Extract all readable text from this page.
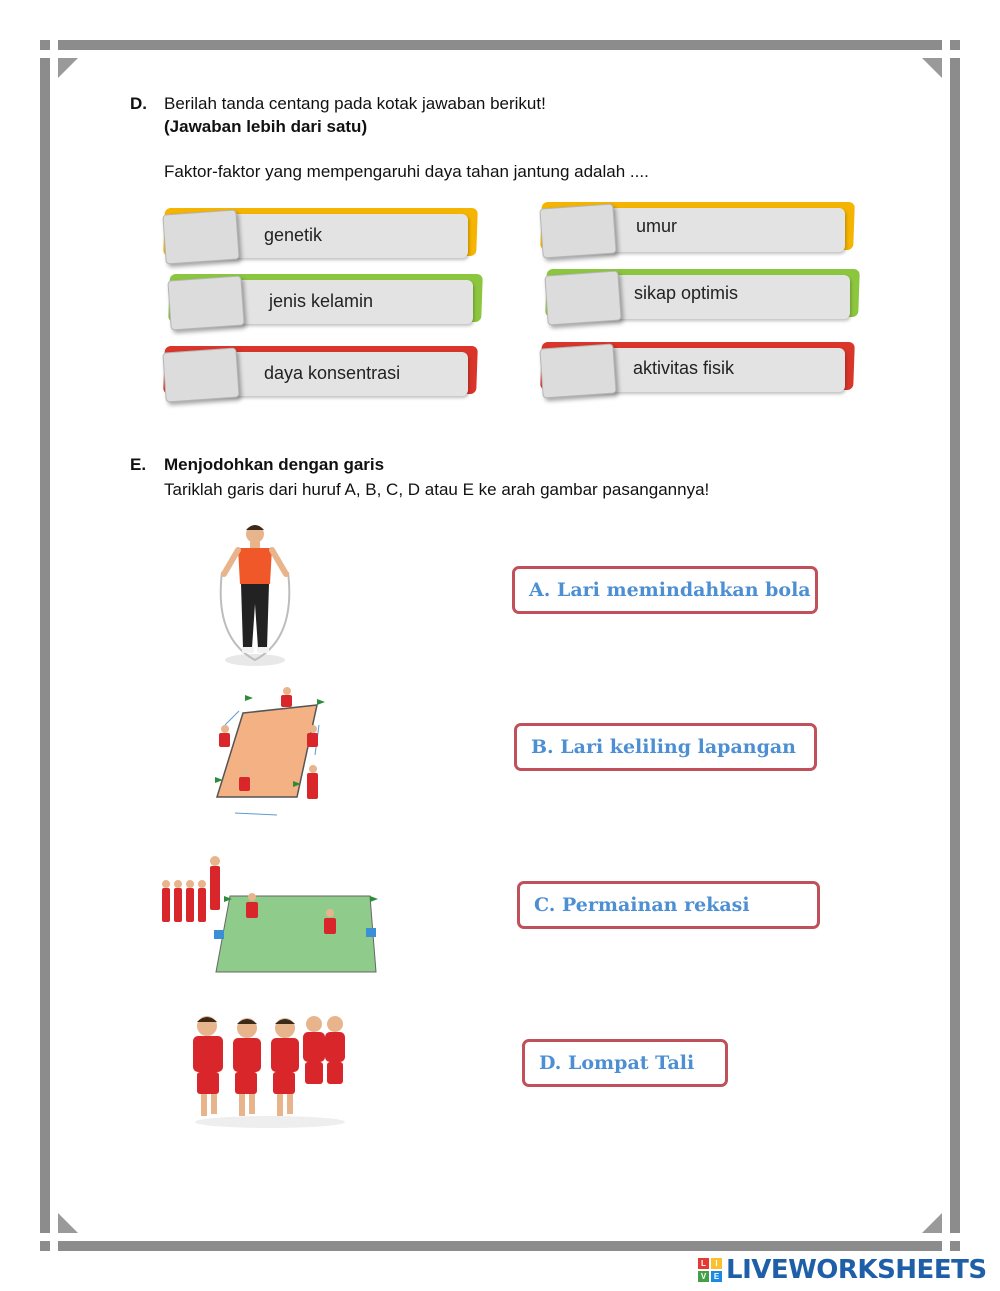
D. Berilah tanda centang pada kotak jawaban berikut!
(Jawaban lebih dari satu)
Faktor-faktor yang mempengaruhi daya tahan jantung adalah ....
genetik	umur
jenis kelamin	sikap optimis
daya konsentrasi	aktivitas fisik
E. Menjodohkan dengan garis
Tariklah garis dari huruf A, B, C, D atau E ke arah gambar pasangannya!
A. Lari memindahkan bola
B. Lari keliling lapangan
C. Permainan rekasi
D. Lompat Tali
L	I
V E LIVEWORKSHEETS
